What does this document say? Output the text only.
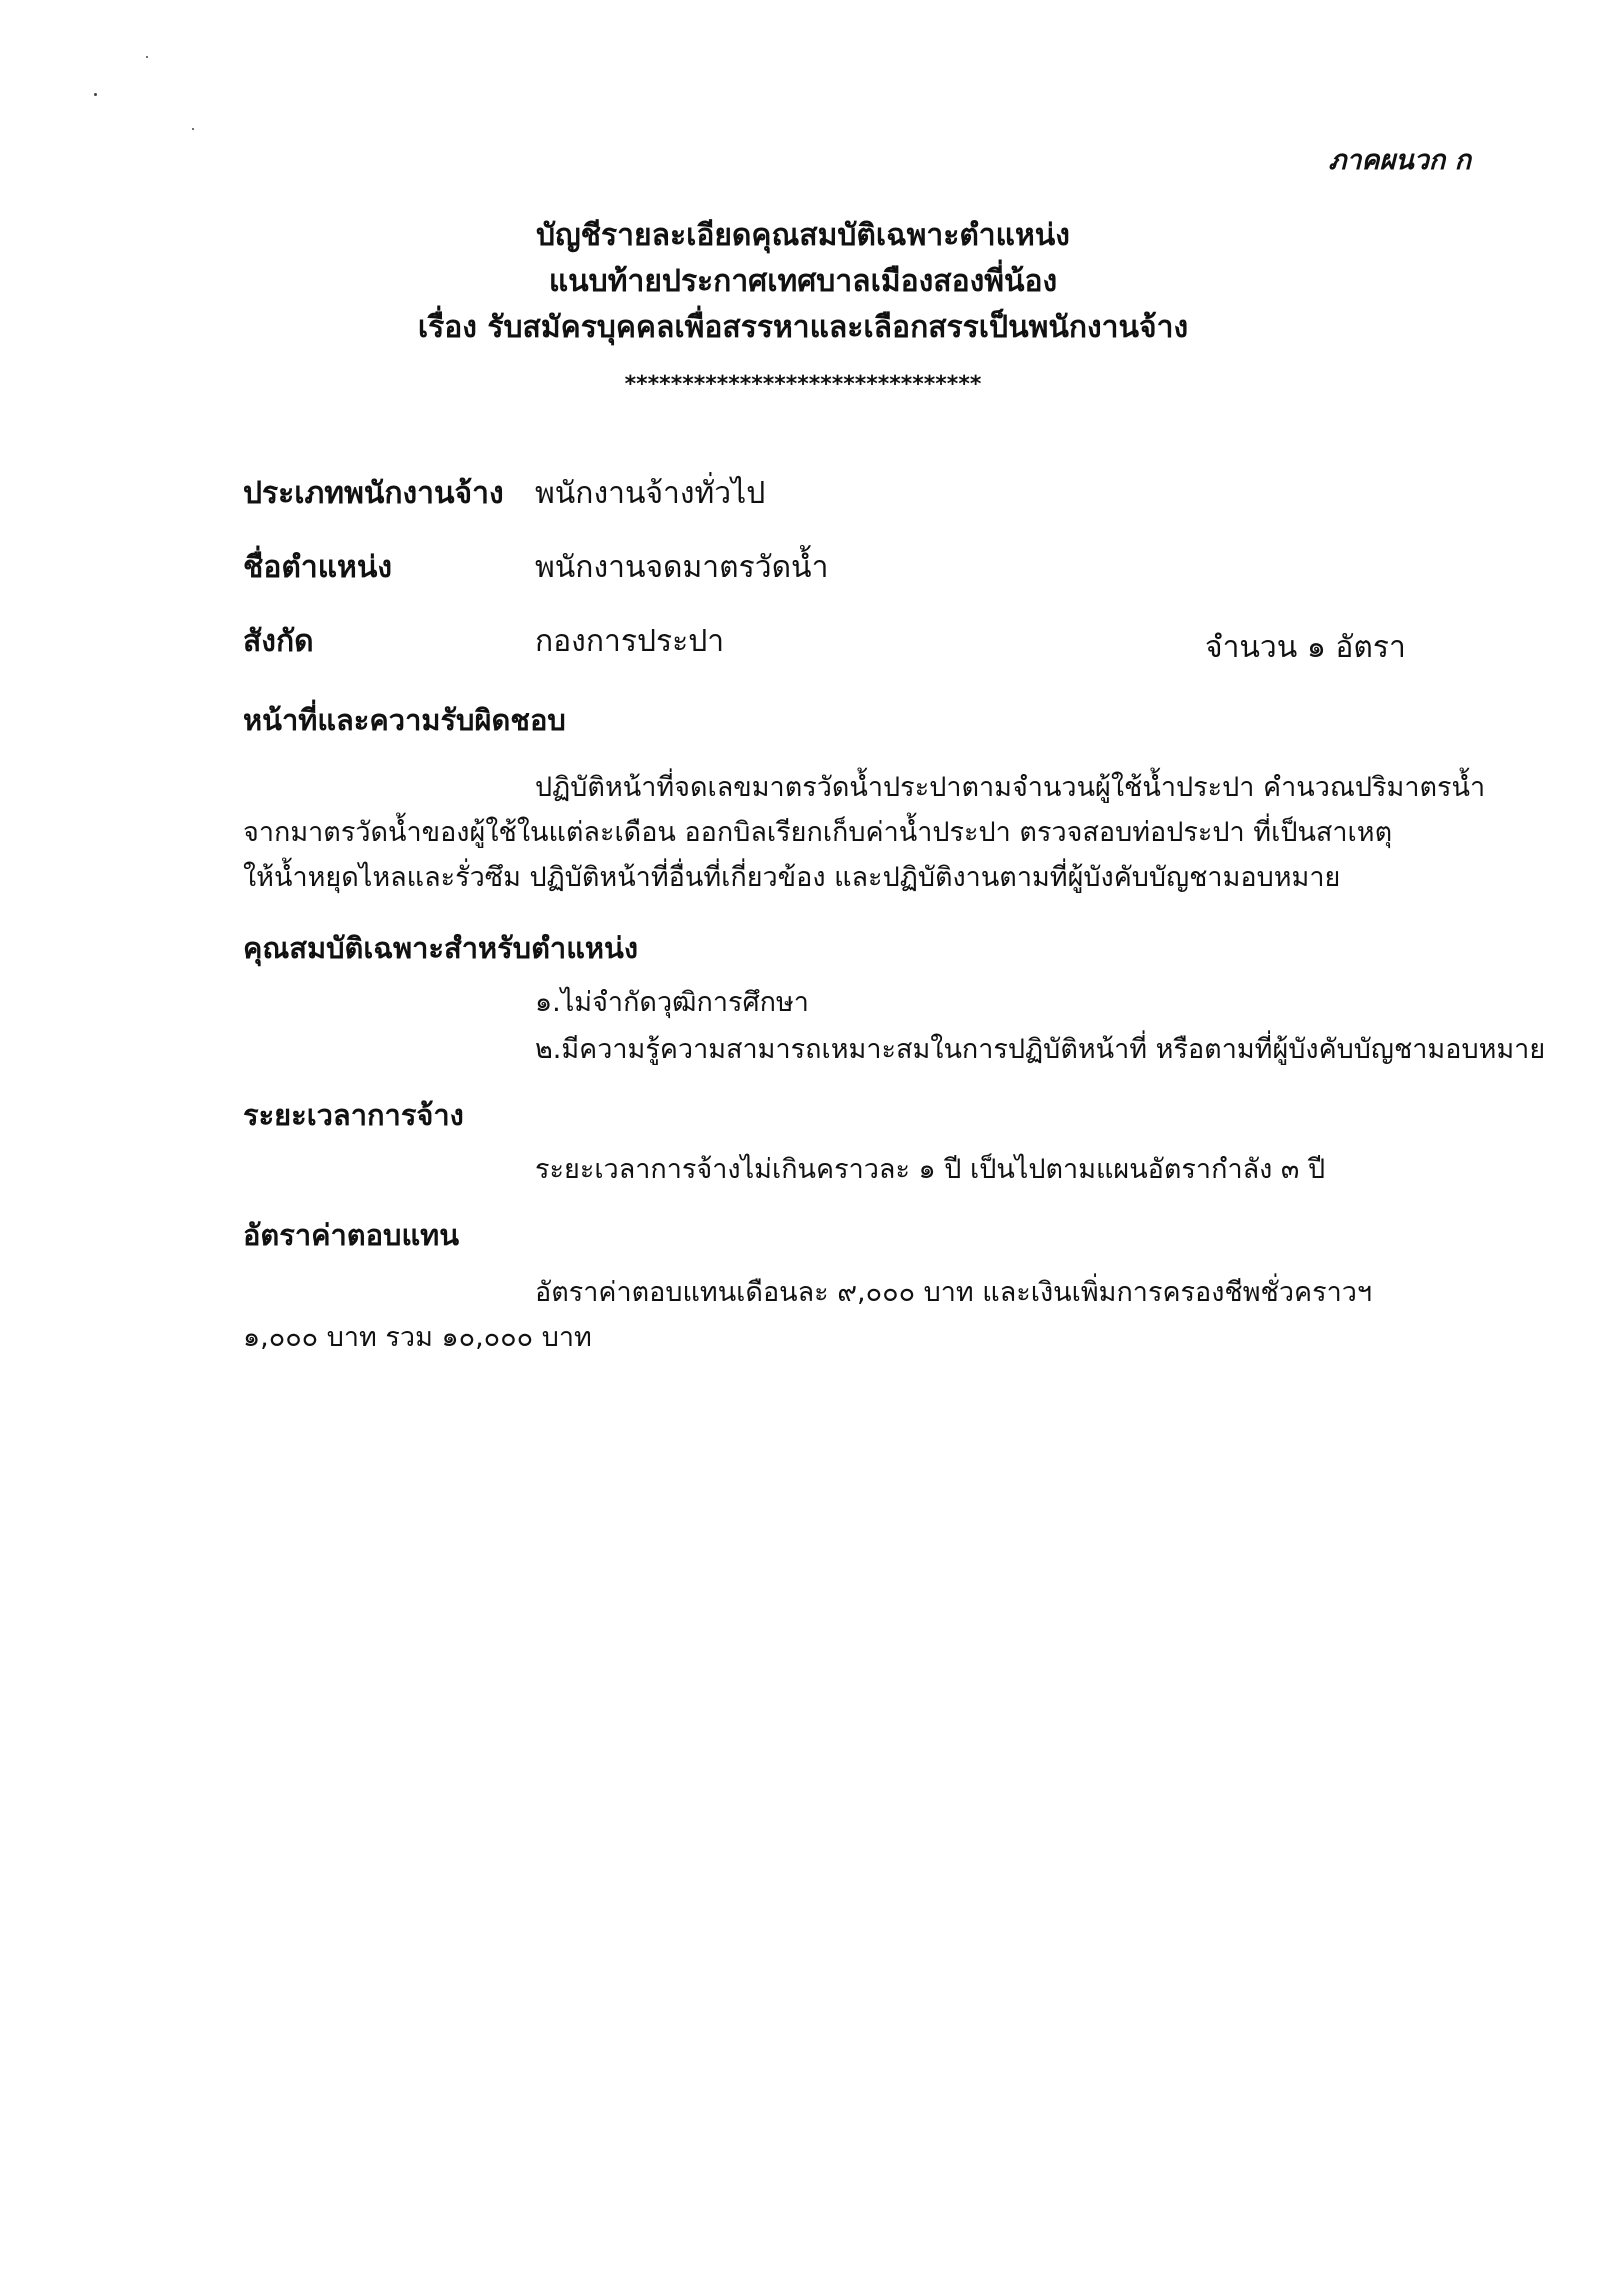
ภาคผนวก ก
บัญชีรายละเอียดคุณสมบัติเฉพาะตำแหน่ง
แนบท้ายประกาศเทศบาลเมืองสองพี่น้อง
เรื่อง รับสมัครบุคคลเพื่อสรรหาและเลือกสรรเป็นพนักงานจ้าง
*******************************
ประเภทพนักงานจ้าง พนักงานจ้างทั่วไป
ชื่อตำแหน่ง	พนักงานจดมาตรวัดน้ำ
สังกัด	กองการประปา	จำนวน ๑ อัตรา
หน้าที่และความรับผิดชอบ
ปฏิบัติหน้าที่จดเลขมาตรวัดน้ำประปาตามจำนวนผู้ใช้น้ำประปา คำนวณปริมาตรน้ำ
จากมาตรวัดน้ำของผู้ใช้ในแต่ละเดือน ออกบิลเรียกเก็บค่าน้ำประปา ตรวจสอบท่อประปา ที่เป็นสาเหตุ
ให้น้ำหยุดไหลและรั่วซึม ปฏิบัติหน้าที่อื่นที่เกี่ยวข้อง และปฏิบัติงานตามที่ผู้บังคับบัญชามอบหมาย
คุณสมบัติเฉพาะสำหรับตำแหน่ง
๑.ไม่จำกัดวุฒิการศึกษา
๒.มีความรู้ความสามารถเหมาะสมในการปฏิบัติหน้าที่ หรือตามที่ผู้บังคับบัญชามอบหมาย
ระยะเวลาการจ้าง
ระยะเวลาการจ้างไม่เกินคราวละ ๑ ปี เป็นไปตามแผนอัตรากำลัง ๓ ปี
อัตราค่าตอบแทน
อัตราค่าตอบแทนเดือนละ ๙,๐๐๐ บาท และเงินเพิ่มการครองชีพชั่วคราวฯ
๑,๐๐๐ บาท รวม ๑๐,๐๐๐ บาท
